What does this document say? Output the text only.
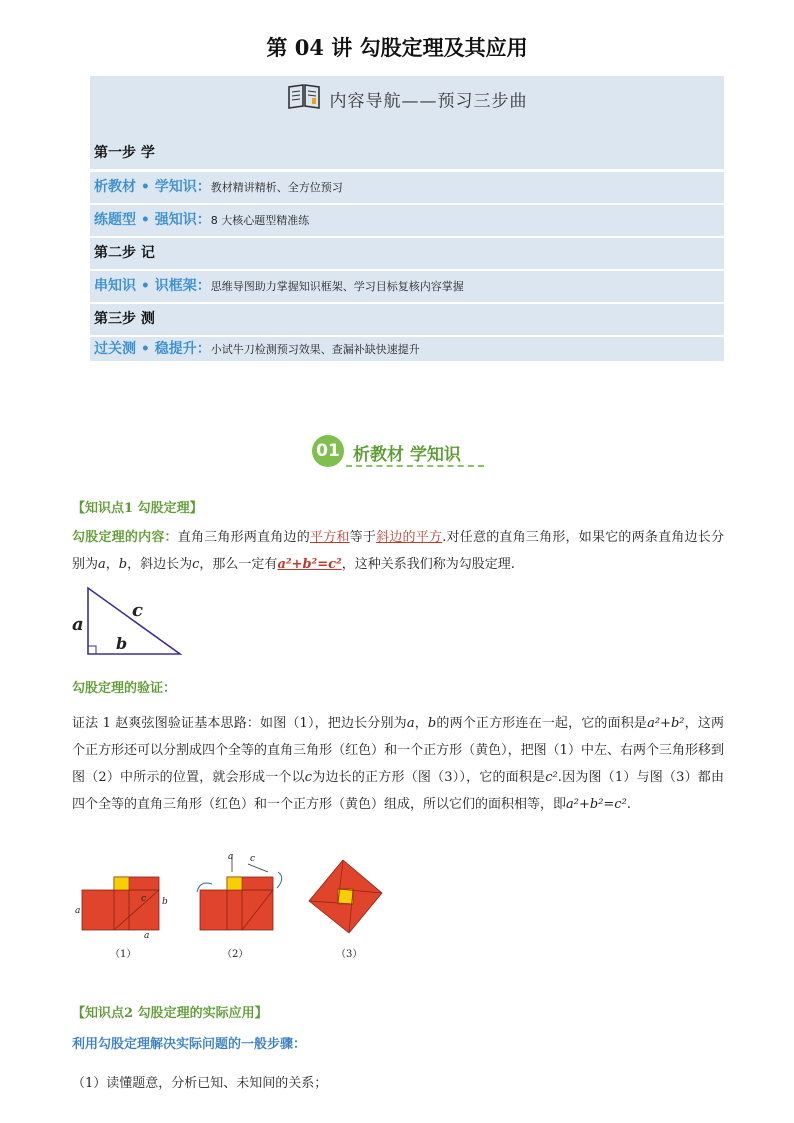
第 04 讲 勾股定理及其应用
内容导航——预习三步曲
第一步 学
析教材 • 学知识：教材精讲精析、全方位预习
练题型 • 强知识：8 大核心题型精准练
第二步 记
串知识 • 识框架：思维导图助力掌握知识框架、学习目标复核内容掌握
第三步 测
过关测 • 稳提升：小试牛刀检测预习效果、查漏补缺快速提升
01 析教材 学知识
【知识点1 勾股定理】
勾股定理的内容：直角三角形两直角边的平方和等于斜边的平方.对任意的直角三角形，如果它的两条直角边长分别为a，b，斜边长为c，那么一定有a²+b²=c²，这种关系我们称为勾股定理.
a
b
c
勾股定理的验证：
证法 1 赵爽弦图验证基本思路：如图（1），把边长分别为a，b的两个正方形连在一起，它的面积是a²+b²，这两个正方形还可以分割成四个全等的直角三角形（红色）和一个正方形（黄色），把图（1）中左、右两个三角形移到图（2）中所示的位置，就会形成一个以c为边长的正方形（图（3）），它的面积是c².因为图（1）与图（3）都由四个全等的直角三角形（红色）和一个正方形（黄色）组成，所以它们的面积相等，即a²+b²=c².
a
b
c
a
a c
（1）	（2）	（3）
【知识点2 勾股定理的实际应用】
利用勾股定理解决实际问题的一般步骤：
（1）读懂题意，分析已知、未知间的关系；
